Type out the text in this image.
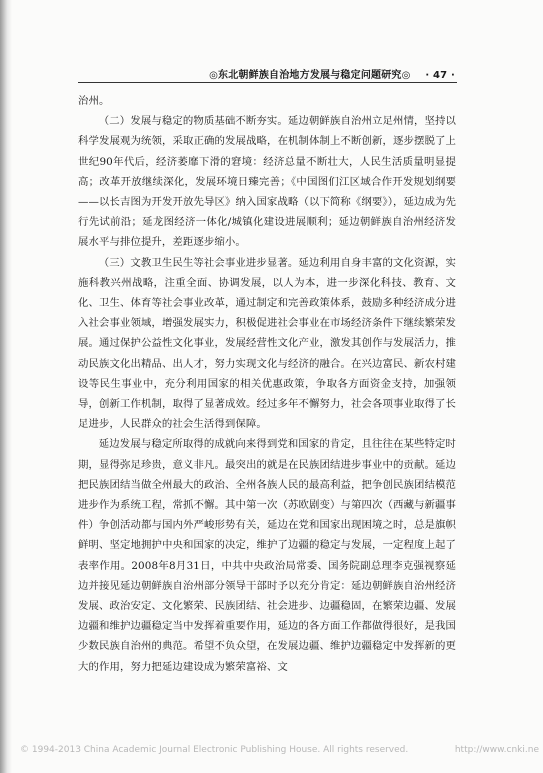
◎东北朝鲜族自治地方发展与稳定问题研究◎ · 47 ·

治州。

（二）发展与稳定的物质基础不断夯实。延边朝鲜族自治州立足州情，坚持以科学发展观为统领，采取正确的发展战略，在机制体制上不断创新，逐步摆脱了上世纪90年代后，经济萎靡下滑的窘境：经济总量不断壮大，人民生活质量明显提高；改革开放继续深化，发展环境日臻完善；《中国图们江区域合作开发规划纲要——以长吉图为开发开放先导区》纳入国家战略（以下简称《纲要》），延边成为先行先试前沿；延龙图经济一体化/城镇化建设进展顺利；延边朝鲜族自治州经济发展水平与排位提升，差距逐步缩小。

（三）文教卫生民生等社会事业进步显著。延边利用自身丰富的文化资源，实施科教兴州战略，注重全面、协调发展，以人为本，进一步深化科技、教育、文化、卫生、体育等社会事业改革，通过制定和完善政策体系，鼓励多种经济成分进入社会事业领域，增强发展实力，积极促进社会事业在市场经济条件下继续繁荣发展。通过保护公益性文化事业，发展经营性文化产业，激发其创作与发展活力，推动民族文化出精品、出人才，努力实现文化与经济的融合。在兴边富民、新农村建设等民生事业中，充分利用国家的相关优惠政策，争取各方面资金支持，加强领导，创新工作机制，取得了显著成效。经过多年不懈努力，社会各项事业取得了长足进步，人民群众的社会生活得到保障。

延边发展与稳定所取得的成就向来得到党和国家的肯定，且往往在某些特定时期，显得弥足珍贵，意义非凡。最突出的就是在民族团结进步事业中的贡献。延边把民族团结当做全州最大的政治、全州各族人民的最高利益，把争创民族团结模范进步作为系统工程，常抓不懈。其中第一次（苏欧剧变）与第四次（西藏与新疆事件）争创活动都与国内外严峻形势有关，延边在党和国家出现困境之时，总是旗帜鲜明、坚定地拥护中央和国家的决定，维护了边疆的稳定与发展，一定程度上起了表率作用。2008年8月31日，中共中央政治局常委、国务院副总理李克强视察延边并接见延边朝鲜族自治州部分领导干部时予以充分肯定：延边朝鲜族自治州经济发展、政治安定、文化繁荣、民族团结、社会进步、边疆稳固，在繁荣边疆、发展边疆和维护边疆稳定当中发挥着重要作用，延边的各方面工作都做得很好，是我国少数民族自治州的典范。希望不负众望，在发展边疆、维护边疆稳定中发挥新的更大的作用，努力把延边建设成为繁荣富裕、文

© 1994-2013 China Academic Journal Electronic Publishing House. All rights reserved.	http://www.cnki.ne
